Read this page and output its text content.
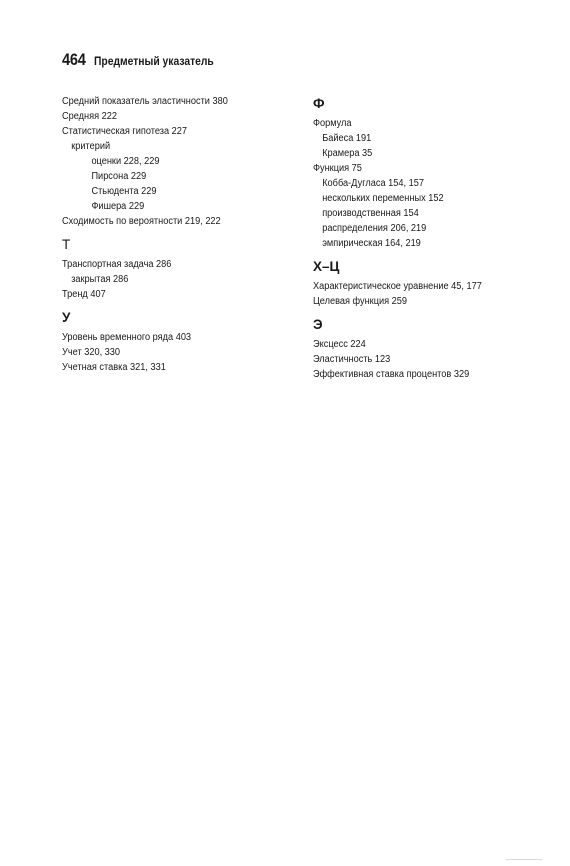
464 Предметный указатель
Средний показатель эластичности 380
Средняя 222
Статистическая гипотеза 227
критерий
оценки 228, 229
Пирсона 229
Стьюдента 229
Фишера 229
Сходимость по вероятности 219, 222
Т
Транспортная задача 286
закрытая 286
Тренд 407
У
Уровень временного ряда 403
Учет 320, 330
Учетная ставка 321, 331
Ф
Формула
Байеса 191
Крамера 35
Функция 75
Кобба-Дугласа 154, 157
нескольких переменных 152
производственная 154
распределения 206, 219
эмпирическая 164, 219
Х–Ц
Характеристическое уравнение 45, 177
Целевая функция 259
Э
Эксцесс 224
Эластичность 123
Эффективная ставка процентов 329
